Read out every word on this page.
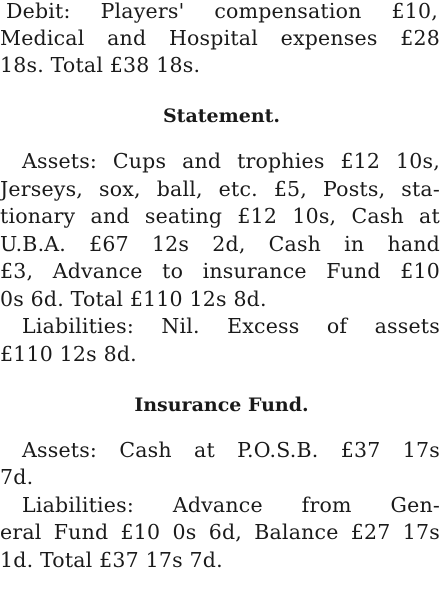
Debit: Players' compensation £10,
Medical and Hospital expenses £28
18s. Total £38 18s.
Statement.
Assets: Cups and trophies £12 10s,
Jerseys, sox, ball, etc. £5, Posts, sta-
tionary and seating £12 10s, Cash at
U.B.A. £67 12s 2d, Cash in hand
£3, Advance to insurance Fund £10
0s 6d. Total £110 12s 8d.
Liabilities: Nil. Excess of assets
£110 12s 8d.
Insurance Fund.
Assets: Cash at P.O.S.B. £37 17s
7d.
Liabilities: Advance from Gen-
eral Fund £10 0s 6d, Balance £27 17s
1d. Total £37 17s 7d.
